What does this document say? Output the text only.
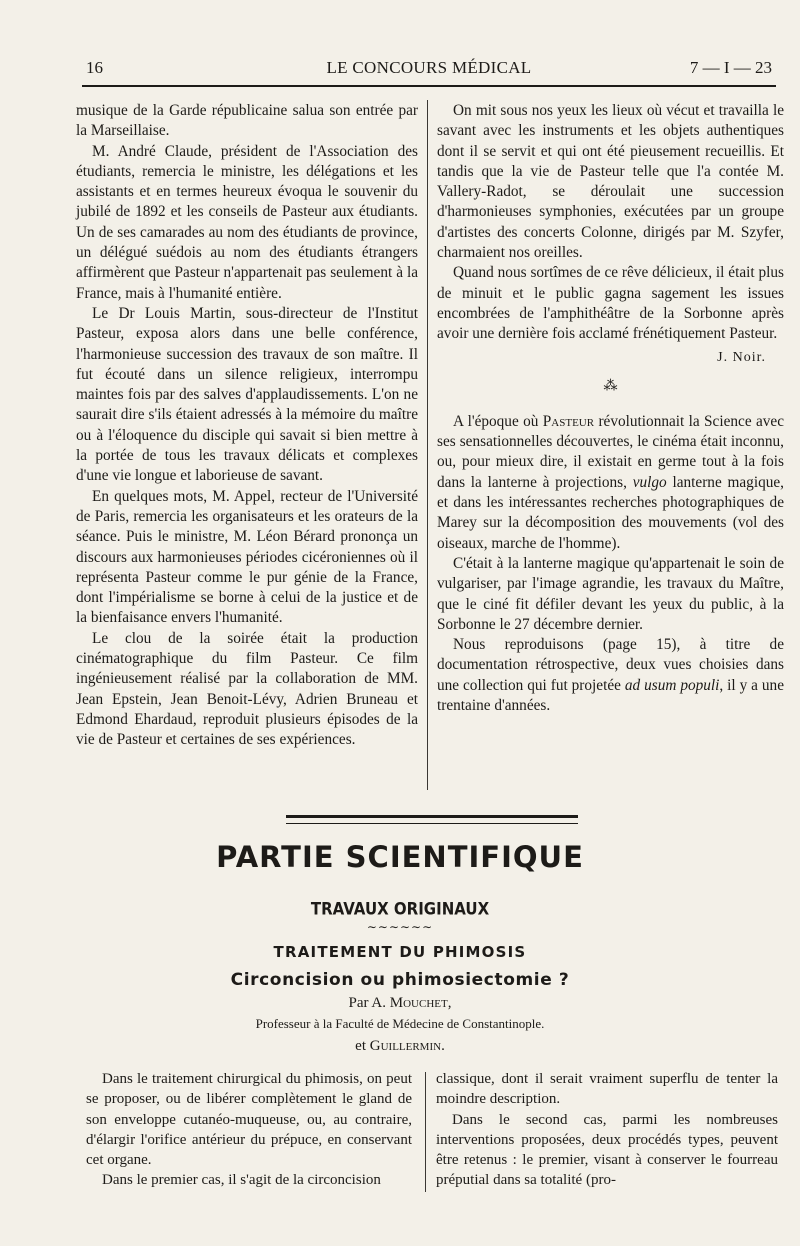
16	LE CONCOURS MÉDICAL	7 — I — 23

musique de la Garde républicaine salua son entrée par la Marseillaise.

M. André Claude, président de l'Association des étudiants, remercia le ministre, les délégations et les assistants et en termes heureux évoqua le souvenir du jubilé de 1892 et les conseils de Pasteur aux étudiants. Un de ses camarades au nom des étudiants de province, un délégué suédois au nom des étudiants étrangers affirmèrent que Pasteur n'appartenait pas seulement à la France, mais à l'humanité entière.

Le Dr Louis Martin, sous-directeur de l'Institut Pasteur, exposa alors dans une belle conférence, l'harmonieuse succession des travaux de son maître. Il fut écouté dans un silence religieux, interrompu maintes fois par des salves d'applaudissements. L'on ne saurait dire s'ils étaient adressés à la mémoire du maître ou à l'éloquence du disciple qui savait si bien mettre à la portée de tous les travaux délicats et complexes d'une vie longue et laborieuse de savant.

En quelques mots, M. Appel, recteur de l'Université de Paris, remercia les organisateurs et les orateurs de la séance. Puis le ministre, M. Léon Bérard prononça un discours aux harmonieuses périodes cicéroniennes où il représenta Pasteur comme le pur génie de la France, dont l'impérialisme se borne à celui de la justice et de la bienfaisance envers l'humanité.

Le clou de la soirée était la production cinématographique du film Pasteur. Ce film ingénieusement réalisé par la collaboration de MM. Jean Epstein, Jean Benoit-Lévy, Adrien Bruneau et Edmond Ehardaud, reproduit plusieurs épisodes de la vie de Pasteur et certaines de ses expériences.

On mit sous nos yeux les lieux où vécut et travailla le savant avec les instruments et les objets authentiques dont il se servit et qui ont été pieusement recueillis. Et tandis que la vie de Pasteur telle que l'a contée M. Vallery-Radot, se déroulait une succession d'harmonieuses symphonies, exécutées par un groupe d'artistes des concerts Colonne, dirigés par M. Szyfer, charmaient nos oreilles.

Quand nous sortîmes de ce rêve délicieux, il était plus de minuit et le public gagna sagement les issues encombrées de l'amphithéâtre de la Sorbonne après avoir une dernière fois acclamé frénétiquement Pasteur.

J. Noir.
⁂

A l'époque où Pasteur révolutionnait la Science avec ses sensationnelles découvertes, le cinéma était inconnu, ou, pour mieux dire, il existait en germe tout à la fois dans la lanterne à projections, vulgo lanterne magique, et dans les intéressantes recherches photographiques de Marey sur la décomposition des mouvements (vol des oiseaux, marche de l'homme).

C'était à la lanterne magique qu'appartenait le soin de vulgariser, par l'image agrandie, les travaux du Maître, que le ciné fit défiler devant les yeux du public, à la Sorbonne le 27 décembre dernier.

Nous reproduisons (page 15), à titre de documentation rétrospective, deux vues choisies dans une collection qui fut projetée ad usum populi, il y a une trentaine d'années.

PARTIE SCIENTIFIQUE
TRAVAUX ORIGINAUX
∼∼∼∼∼∼
TRAITEMENT DU PHIMOSIS
Circoncision ou phimosiectomie ?
Par A. Mouchet,
Professeur à la Faculté de Médecine de Constantinople.
et Guillermin.

Dans le traitement chirurgical du phimosis, on peut se proposer, ou de libérer complètement le gland de son enveloppe cutanéo-muqueuse, ou, au contraire, d'élargir l'orifice antérieur du prépuce, en conservant cet organe.

Dans le premier cas, il s'agit de la circoncision

classique, dont il serait vraiment superflu de tenter la moindre description.

Dans le second cas, parmi les nombreuses interventions proposées, deux procédés types, peuvent être retenus : le premier, visant à conserver le fourreau préputial dans sa totalité (pro-
